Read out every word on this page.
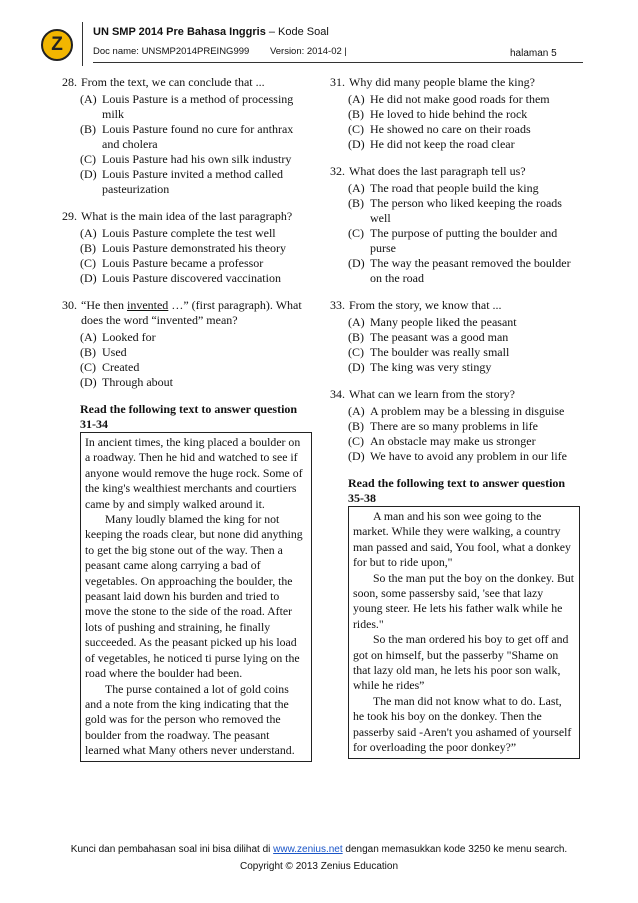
Z
UN SMP 2014 Pre Bahasa Inggris – Kode Soal
Doc name: UNSMP2014PREING999 Version: 2014-02 |	halaman 5
28. From the text, we can conclude that ...
(A) Louis Pasture is a method of processing milk
(B) Louis Pasture found no cure for anthrax and cholera
(C) Louis Pasture had his own silk industry
(D) Louis Pasture invited a method called pasteurization
29. What is the main idea of the last paragraph?
(A) Louis Pasture complete the test well
(B) Louis Pasture demonstrated his theory
(C) Louis Pasture became a professor
(D) Louis Pasture discovered vaccination
30. “He then invented …” (first paragraph). What does the word “invented” mean?
(A) Looked for
(B) Used
(C) Created
(D) Through about
Read the following text to answer question 31-34

In ancient times, the king placed a boulder on a roadway. Then he hid and watched to see if anyone would remove the huge rock. Some of the king's wealthiest merchants and courtiers came by and simply walked around it.

Many loudly blamed the king for not keeping the roads clear, but none did anything to get the big stone out of the way. Then a peasant came along carrying a bad of vegetables. On approaching the boulder, the peasant laid down his burden and tried to move the stone to the side of the road. After lots of pushing and straining, he finally succeeded. As the peasant picked up his load of vegetables, he noticed ti purse lying on the road where the boulder had been.

The purse contained a lot of gold coins and a note from the king indicating that the gold was for the person who removed the boulder from the roadway. The peasant learned what Many others never understand.

31. Why did many people blame the king?
(A) He did not make good roads for them
(B) He loved to hide behind the rock
(C) He showed no care on their roads
(D) He did not keep the road clear
32. What does the last paragraph tell us?
(A) The road that people build the king
(B) The person who liked keeping the roads well
(C) The purpose of putting the boulder and purse
(D) The way the peasant removed the boulder on the road
33. From the story, we know that ...
(A) Many people liked the peasant
(B) The peasant was a good man
(C) The boulder was really small
(D) The king was very stingy
34. What can we learn from the story?
(A) A problem may be a blessing in disguise
(B) There are so many problems in life
(C) An obstacle may make us stronger
(D) We have to avoid any problem in our life
Read the following text to answer question 35-38

A man and his son wee going to the market. While they were walking, a country man passed and said, You fool, what a donkey for but to ride upon,"

So the man put the boy on the donkey. But soon, some passersby said, 'see that lazy young steer. He lets his father walk while he rides."

So the man ordered his boy to get off and got on himself, but the passerby "Shame on that lazy old man, he lets his poor son walk, while he rides”

The man did not know what to do. Last, he took his boy on the donkey. Then the passerby said -Aren't you ashamed of yourself for overloading the poor donkey?”

Kunci dan pembahasan soal ini bisa dilihat di www.zenius.net dengan memasukkan kode 3250 ke menu search.
Copyright © 2013 Zenius Education
